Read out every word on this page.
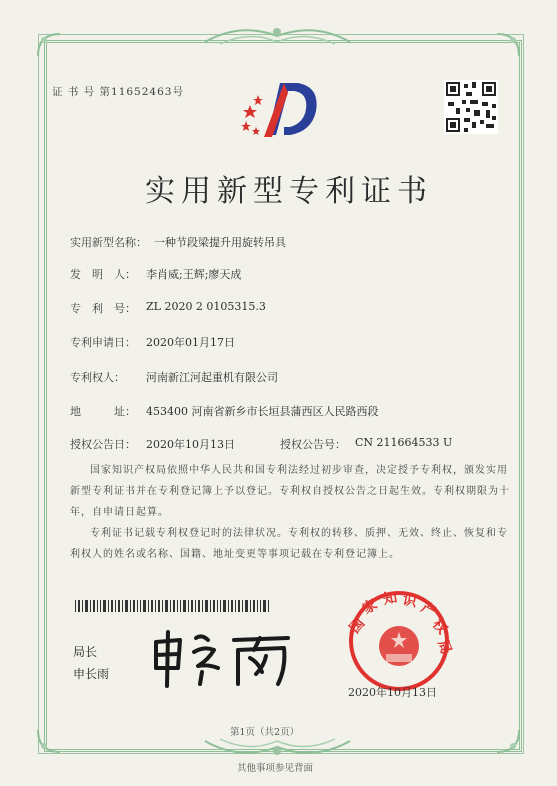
证 书 号 第11652463号
实用新型专利证书
实用新型名称： 一种节段梁提升用旋转吊具
发　明　人： 李肖威;王辉;廖天成
专　利　号： ZL 2020 2 0105315.3
专利申请日： 2020年01月17日
专利权人： 河南新江河起重机有限公司
地　　　址： 453400 河南省新乡市长垣县蒲西区人民路西段
授权公告日： 2020年10月13日	授权公告号： CN 211664533 U
国家知识产权局依照中华人民共和国专利法经过初步审查，决定授予专利权，颁发实用新型专利证书并在专利登记簿上予以登记。专利权自授权公告之日起生效。专利权期限为十年，自申请日起算。
专利证书记载专利权登记时的法律状况。专利权的转移、质押、无效、终止、恢复和专利权人的姓名或名称、国籍、地址变更等事项记载在专利登记簿上。
局长
申长雨
国
家 知 识 产
权
局
2020年10月13日
第1页（共2页）
其他事项参见背面
